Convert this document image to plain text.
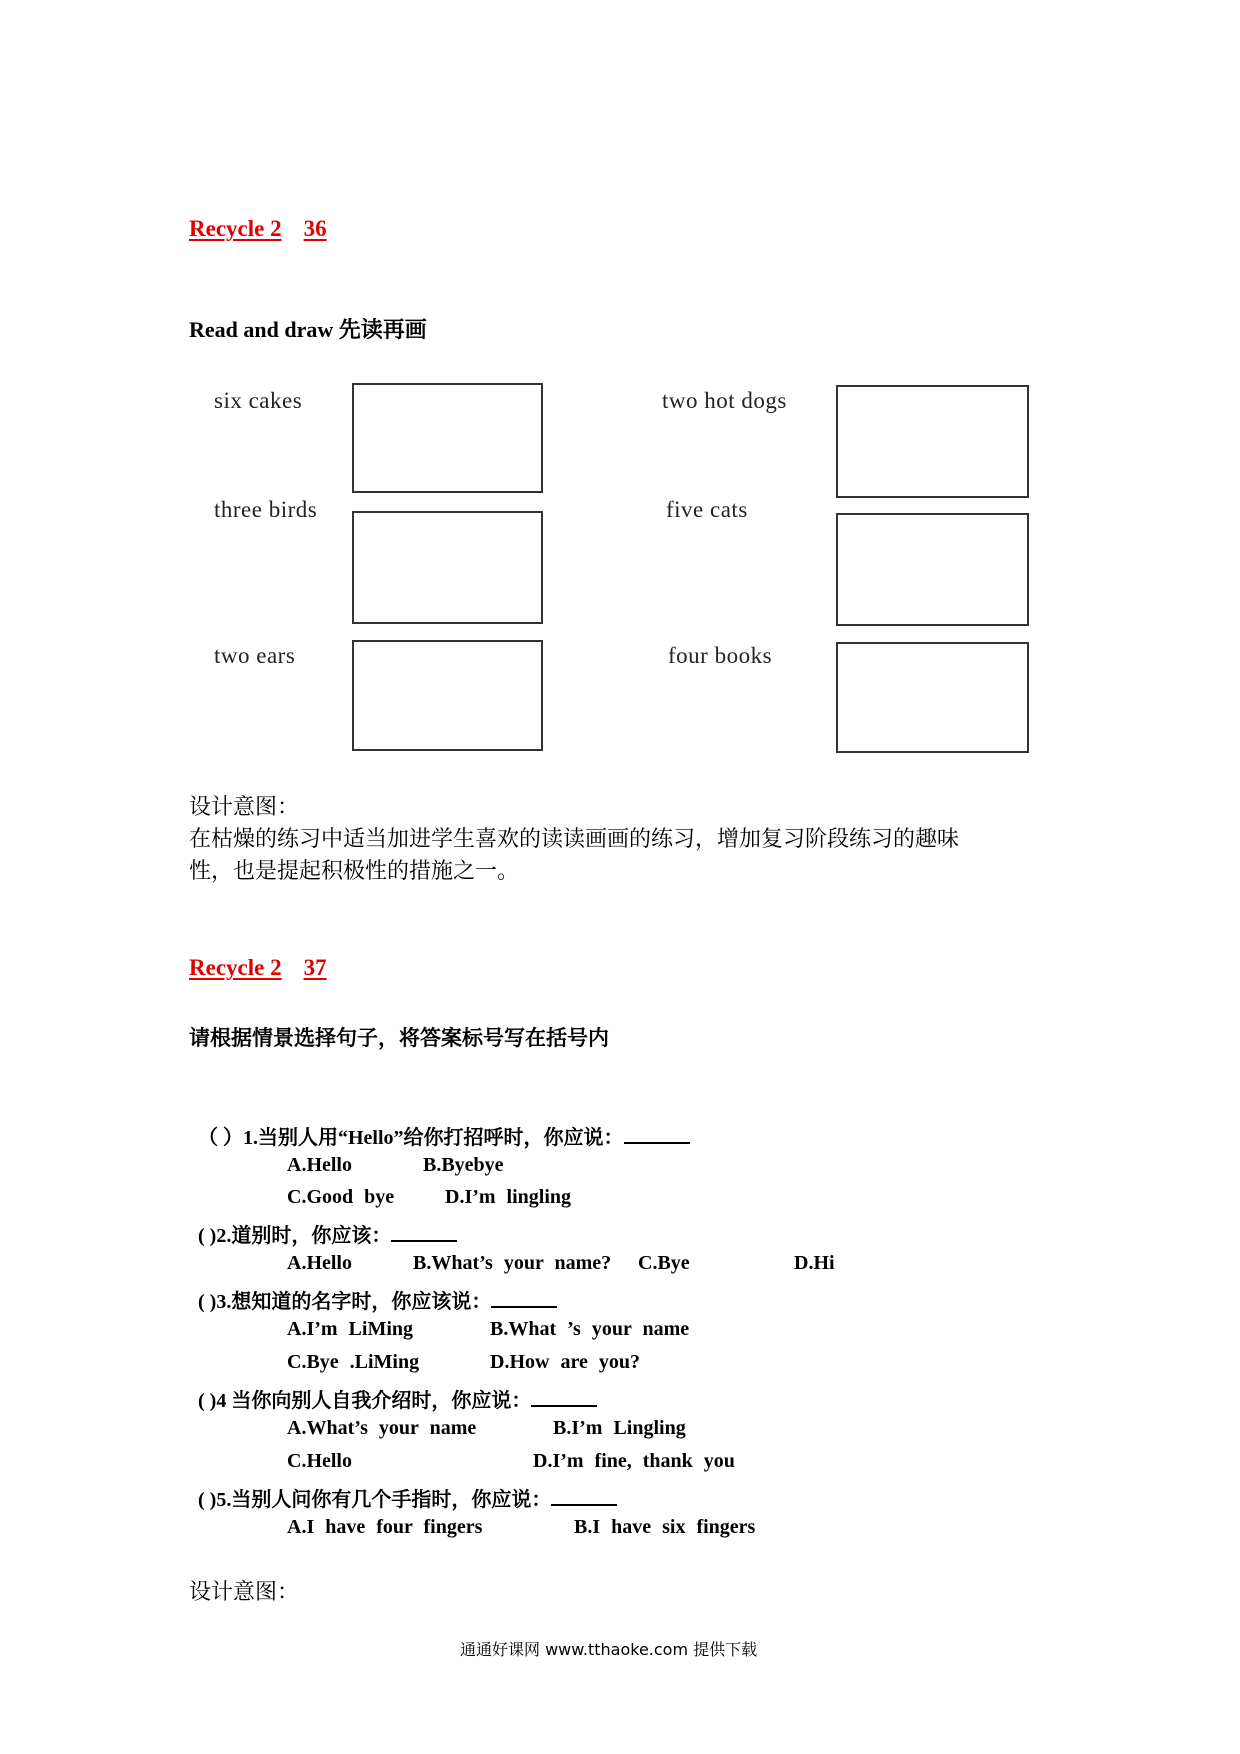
Recycle 2 36
Read and draw 先读再画
six cakes	two hot dogs
three birds	five cats
two ears	four books
设计意图：
在枯燥的练习中适当加进学生喜欢的读读画画的练习，增加复习阶段练习的趣味
性，也是提起积极性的措施之一。
Recycle 2 37
请根据情景选择句子，将答案标号写在括号内
（ ）1.当别人用“Hello”给你打招呼时，你应说：
A.Hello	B.Byebye
C.Good bye	D.I’m lingling
( )2.道别时，你应该：
A.Hello	B.What’s your name? C.Bye	D.Hi
( )3.想知道的名字时，你应该说：
A.I’m LiMing	B.What ’s your name
C.Bye .LiMing	D.How are you?
( )4 当你向别人自我介绍时，你应说：
A.What’s your name	B.I’m Lingling
C.Hello	D.I’m fine, thank you
( )5.当别人问你有几个手指时，你应说：
A.I have four fingers	B.I have six fingers
设计意图：
通通好课网 www.tthaoke.com 提供下载
